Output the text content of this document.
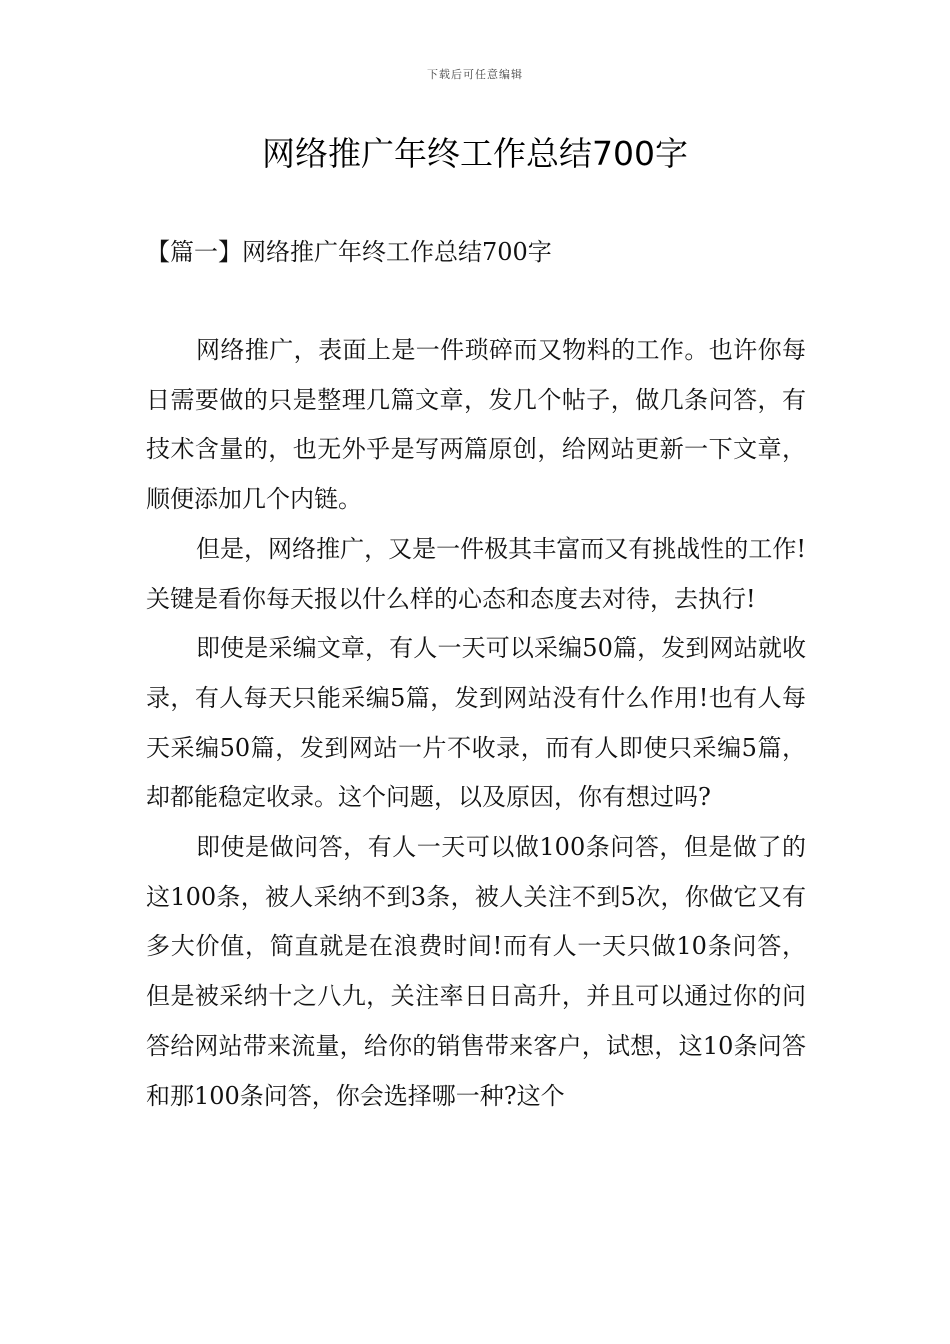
下载后可任意编辑
网络推广年终工作总结700字
【篇一】网络推广年终工作总结700字

网络推广，表面上是一件琐碎而又物料的工作。也许你每日需要做的只是整理几篇文章，发几个帖子，做几条问答，有技术含量的，也无外乎是写两篇原创，给网站更新一下文章，顺便添加几个内链。

但是，网络推广，又是一件极其丰富而又有挑战性的工作!关键是看你每天报以什么样的心态和态度去对待，去执行!

即使是采编文章，有人一天可以采编50篇，发到网站就收录，有人每天只能采编5篇，发到网站没有什么作用!也有人每天采编50篇，发到网站一片不收录，而有人即使只采编5篇，却都能稳定收录。这个问题，以及原因，你有想过吗?

即使是做问答，有人一天可以做100条问答，但是做了的这100条，被人采纳不到3条，被人关注不到5次，你做它又有多大价值，简直就是在浪费时间!而有人一天只做10条问答，但是被采纳十之八九，关注率日日高升，并且可以通过你的问答给网站带来流量，给你的销售带来客户，试想，这10条问答和那100条问答，你会选择哪一种?这个
